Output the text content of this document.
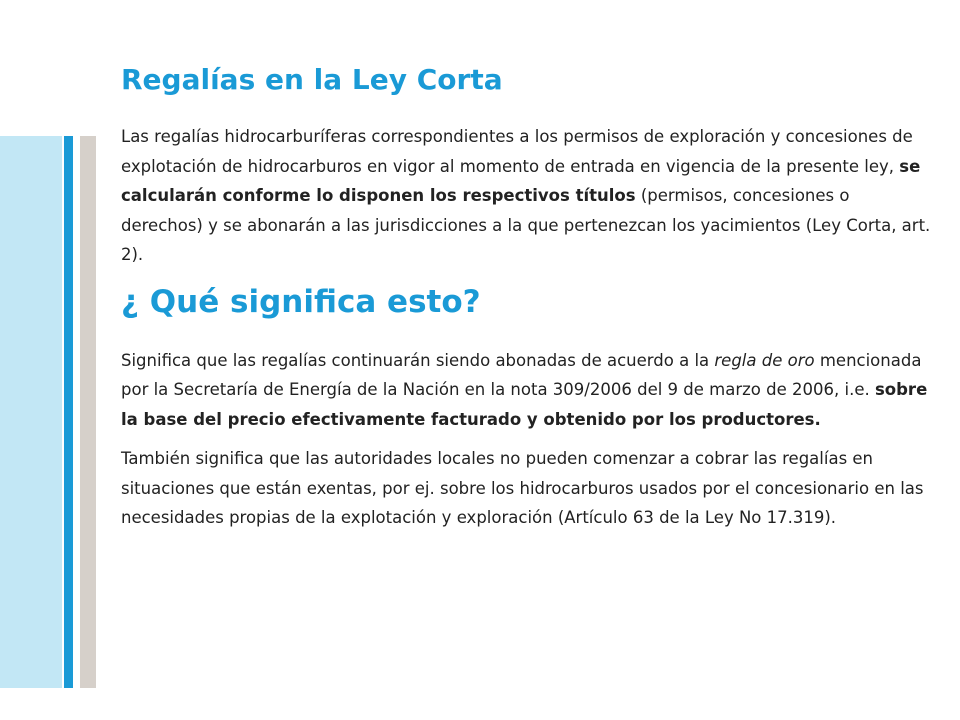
Regalías en la Ley Corta

Las regalías hidrocarburíferas correspondientes a los permisos de exploración y concesiones de explotación de hidrocarburos en vigor al momento de entrada en vigencia de la presente ley, se calcularán conforme lo disponen los respectivos títulos (permisos, concesiones o derechos) y se abonarán a las jurisdicciones a la que pertenezcan los yacimientos (Ley Corta, art. 2).

¿ Qué significa esto?

Significa que las regalías continuarán siendo abonadas de acuerdo a la regla de oro mencionada por la Secretaría de Energía de la Nación en la nota 309/2006 del 9 de marzo de 2006, i.e. sobre la base del precio efectivamente facturado y obtenido por los productores.

También significa que las autoridades locales no pueden comenzar a cobrar las regalías en situaciones que están exentas, por ej. sobre los hidrocarburos usados por el concesionario en las necesidades propias de la explotación y exploración (Artículo 63 de la Ley No 17.319).
